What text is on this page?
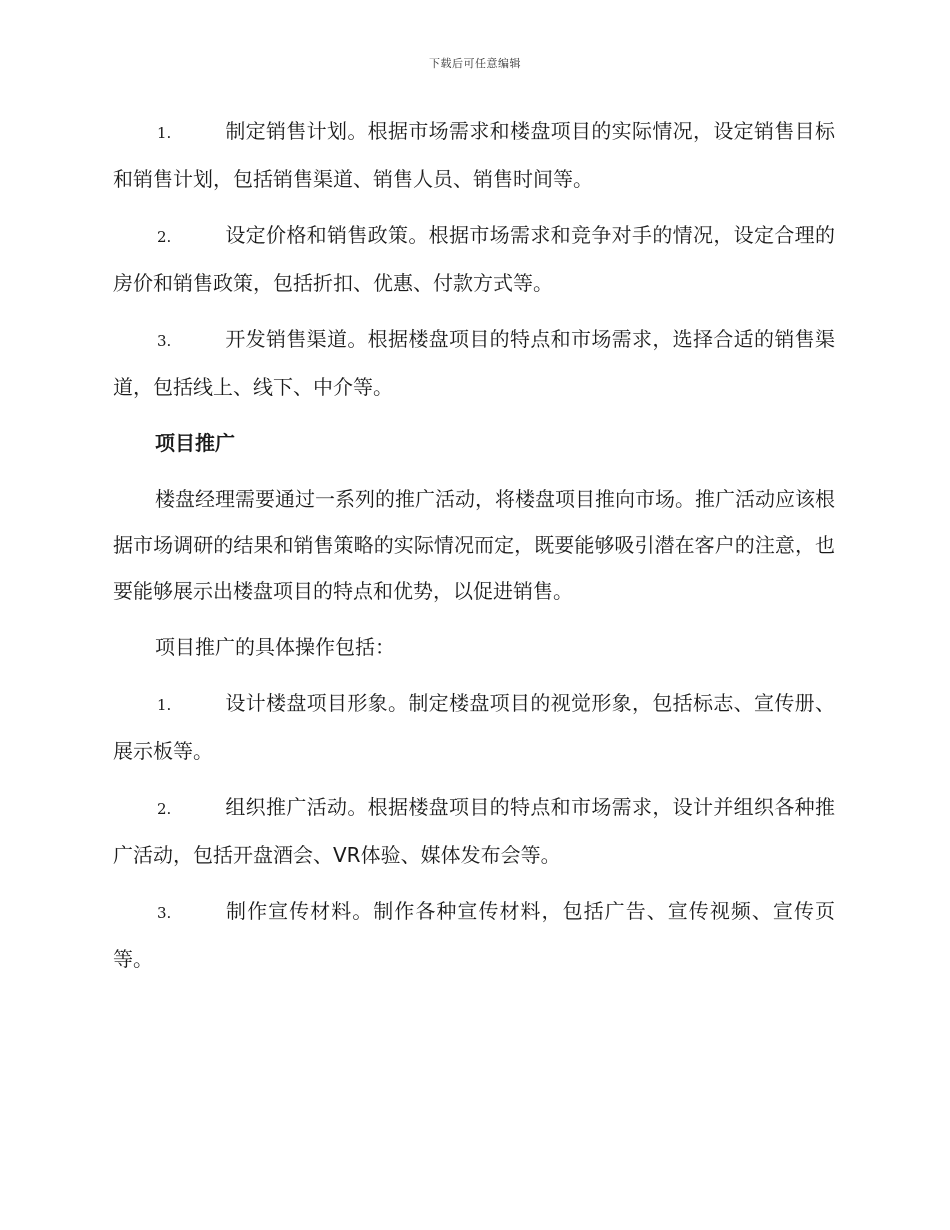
下载后可任意编辑

1.	制定销售计划。根据市场需求和楼盘项目的实际情况，设定销售目标和销售计划，包括销售渠道、销售人员、销售时间等。

2.	设定价格和销售政策。根据市场需求和竞争对手的情况，设定合理的房价和销售政策，包括折扣、优惠、付款方式等。

3.	开发销售渠道。根据楼盘项目的特点和市场需求，选择合适的销售渠道，包括线上、线下、中介等。

项目推广

楼盘经理需要通过一系列的推广活动，将楼盘项目推向市场。推广活动应该根据市场调研的结果和销售策略的实际情况而定，既要能够吸引潜在客户的注意，也要能够展示出楼盘项目的特点和优势，以促进销售。

项目推广的具体操作包括：

1.	设计楼盘项目形象。制定楼盘项目的视觉形象，包括标志、宣传册、展示板等。

2.	组织推广活动。根据楼盘项目的特点和市场需求，设计并组织各种推广活动，包括开盘酒会、VR体验、媒体发布会等。

3.	制作宣传材料。制作各种宣传材料，包括广告、宣传视频、宣传页等。
